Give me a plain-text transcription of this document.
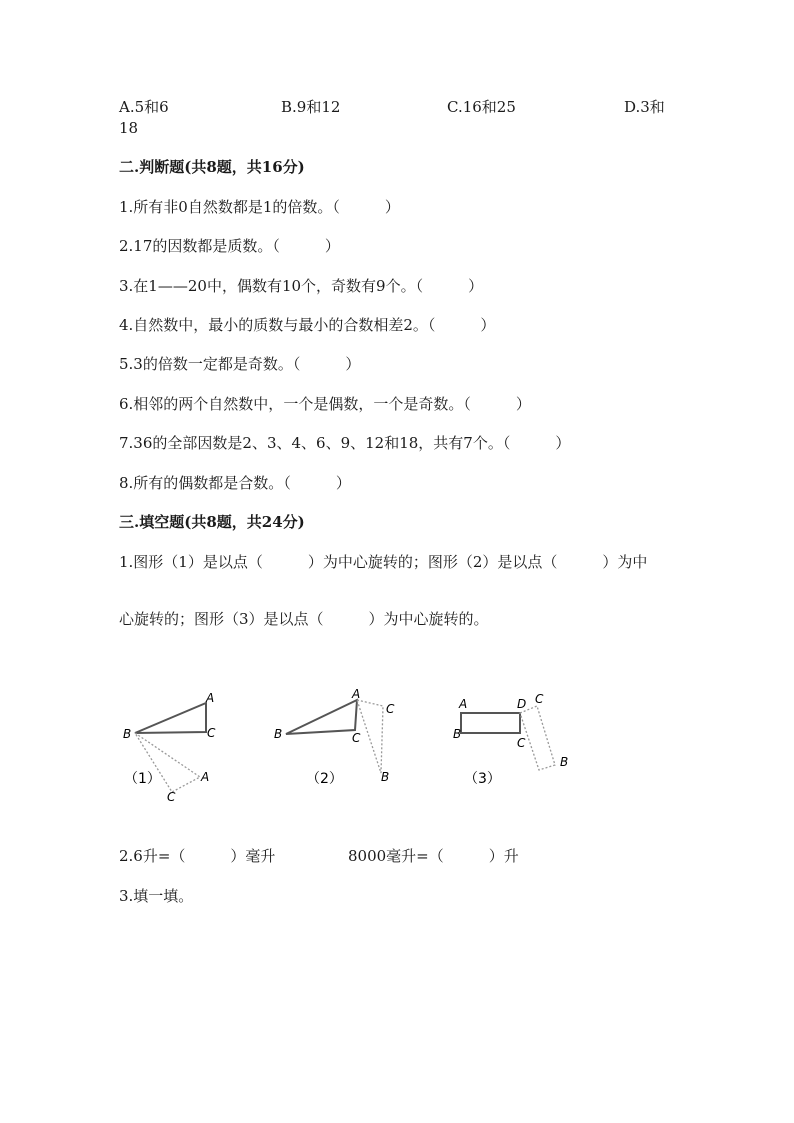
A.5和6	B.9和12	C.16和25	D.3和
18
二.判断题(共8题，共16分)
1.所有非0自然数都是1的倍数。（　　　）
2.17的因数都是质数。（　　　）
3.在1——20中，偶数有10个，奇数有9个。（　　　）
4.自然数中，最小的质数与最小的合数相差2。（　　　）
5.3的倍数一定都是奇数。（　　　）
6.相邻的两个自然数中，一个是偶数，一个是奇数。（　　　）
7.36的全部因数是2、3、4、6、9、12和18，共有7个。（　　　）
8.所有的偶数都是合数。（　　　）
三.填空题(共8题，共24分)
1.图形（1）是以点（　　　）为中心旋转的；图形（2）是以点（　　　）为中
心旋转的；图形（3）是以点（　　　）为中心旋转的。
A
B	C
A
C
（1）
A
B	C
C
B
（2）
A	D
B
C
C
B
（3）
2.6升=（　　　）毫升	8000毫升=（　　　）升
3.填一填。
